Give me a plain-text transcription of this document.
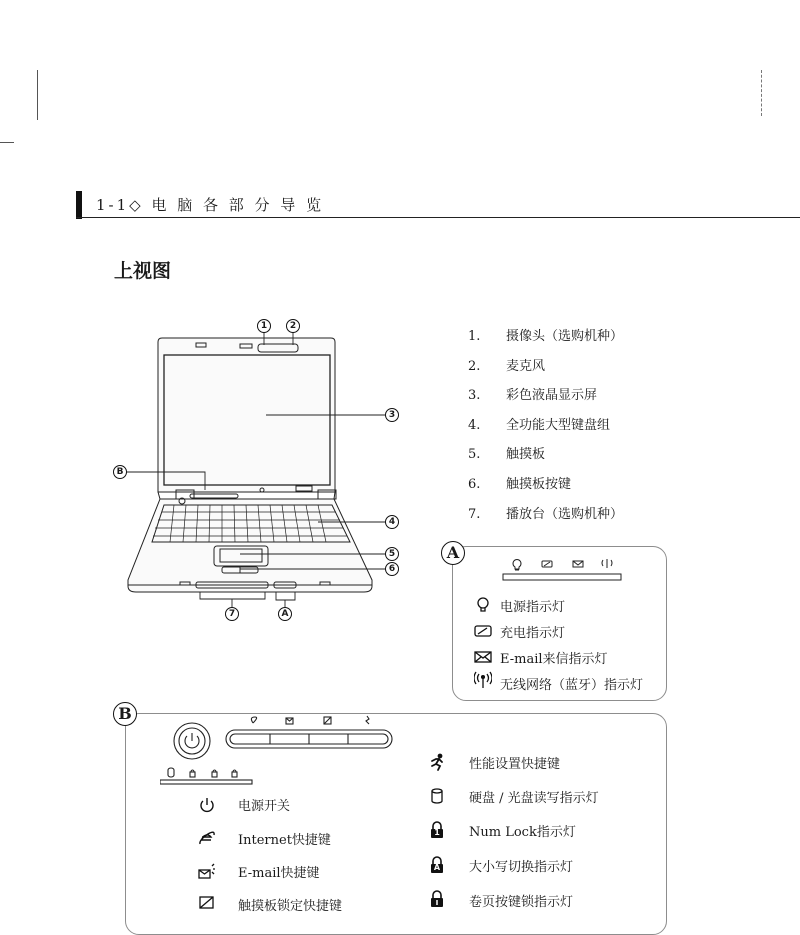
1-1◇ 电 脑 各 部 分 导 览
上视图
1	2
3
B
4
5
6
7	A
1. 摄像头（选购机种）
2. 麦克风
3. 彩色液晶显示屏
4. 全功能大型键盘组
5. 触摸板
6. 触摸板按键
7. 播放台（选购机种）
A
电源指示灯
充电指示灯
E-mail来信指示灯
无线网络（蓝牙）指示灯
B
电源开关
Internet快捷键
E-mail快捷键
触摸板锁定快捷键
性能设置快捷键
硬盘 / 光盘读写指示灯
1	Num Lock指示灯
A	大小写切换指示灯
卷页按键锁指示灯
